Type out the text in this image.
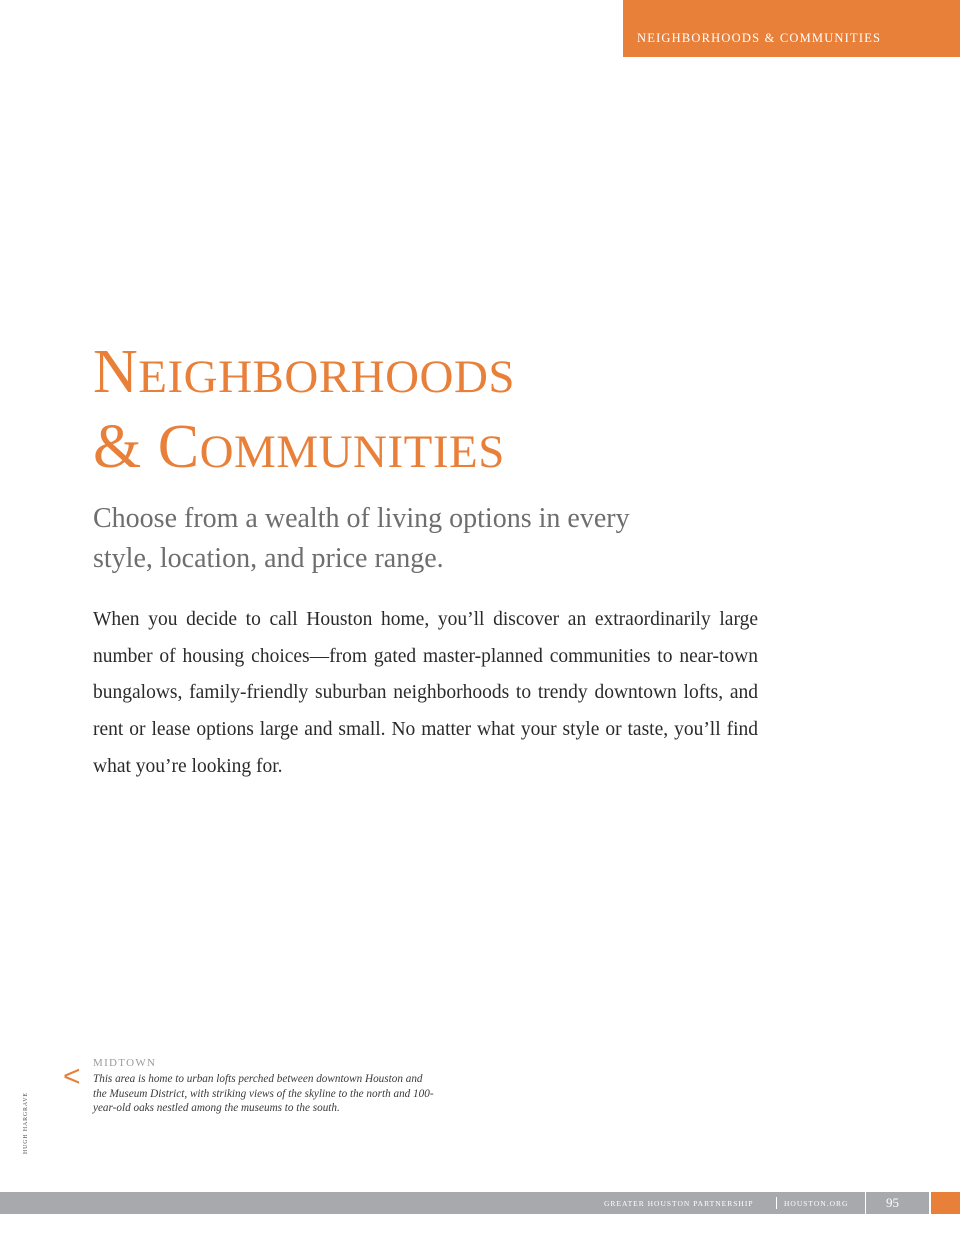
NEIGHBORHOODS & COMMUNITIES
NEIGHBORHOODS
& COMMUNITIES
Choose from a wealth of living options in every style, location, and price range.

When you decide to call Houston home, you’ll discover an extraordinarily large number of housing choices—from gated master-planned communities to near-town bungalows, family-friendly suburban neighborhoods to trendy downtown lofts, and rent or lease options large and small. No matter what your style or taste, you’ll find what you’re looking for.

< MIDTOWN

This area is home to urban lofts perched between downtown Houston and the Museum District, with striking views of the skyline to the north and 100-year-old oaks nestled among the museums to the south.

HUGH HARGRAVE
GREATER HOUSTON PARTNERSHIP	HOUSTON.ORG	95
